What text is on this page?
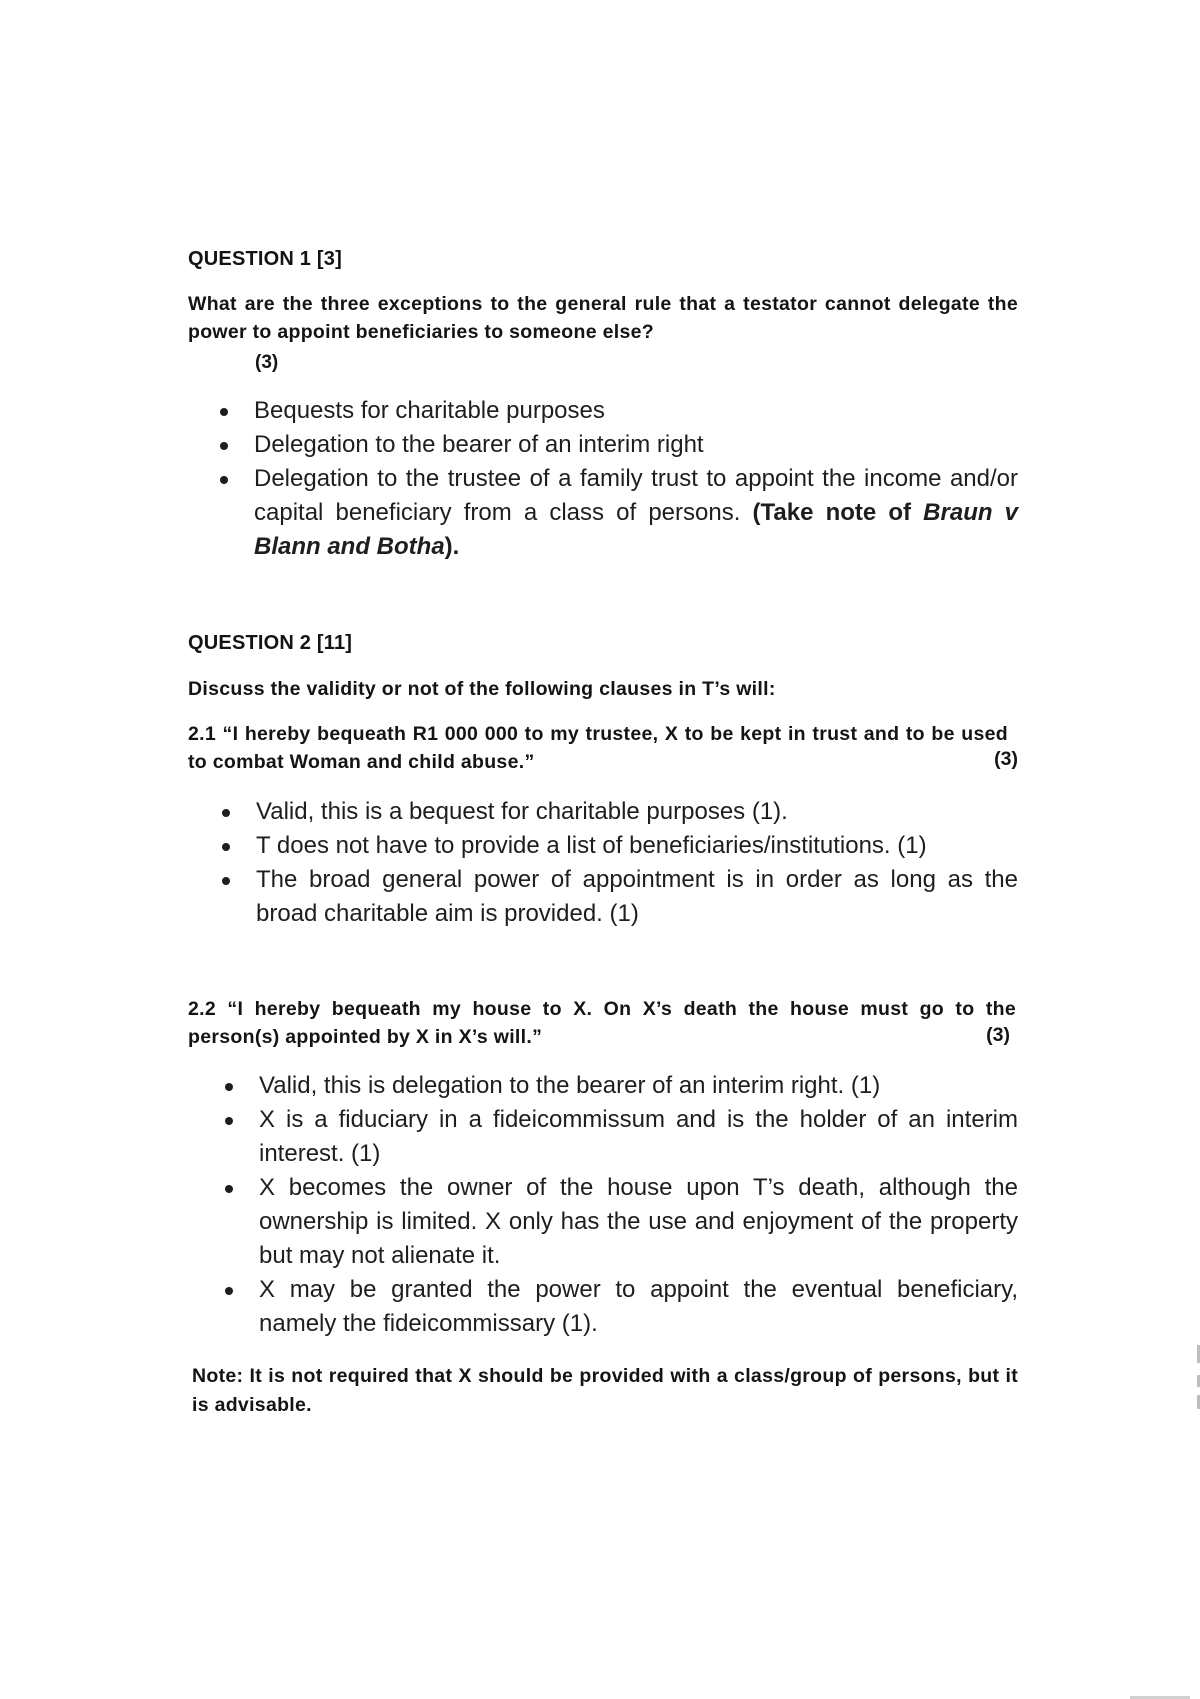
QUESTION 1 [3]
What are the three exceptions to the general rule that a testator cannot delegate the power to appoint beneficiaries to someone else?
(3)
Bequests for charitable purposes
Delegation to the bearer of an interim right
Delegation to the trustee of a family trust to appoint the income and/or capital beneficiary from a class of persons. (Take note of Braun v Blann and Botha).
QUESTION 2 [11]
Discuss the validity or not of the following clauses in T’s will:
2.1 “I hereby bequeath R1 000 000 to my trustee, X to be kept in trust and to be used to combat Woman and child abuse.”	(3)
Valid, this is a bequest for charitable purposes (1).
T does not have to provide a list of beneficiaries/institutions. (1)
The broad general power of appointment is in order as long as the broad charitable aim is provided. (1)
2.2 “I hereby bequeath my house to X. On X’s death the house must go to the person(s) appointed by X in X’s will.”	(3)
Valid, this is delegation to the bearer of an interim right. (1)
X is a fiduciary in a fideicommissum and is the holder of an interim interest. (1)
X becomes the owner of the house upon T’s death, although the ownership is limited. X only has the use and enjoyment of the property but may not alienate it.
X may be granted the power to appoint the eventual beneficiary, namely the fideicommissary (1).
Note: It is not required that X should be provided with a class/group of persons, but it is advisable.
